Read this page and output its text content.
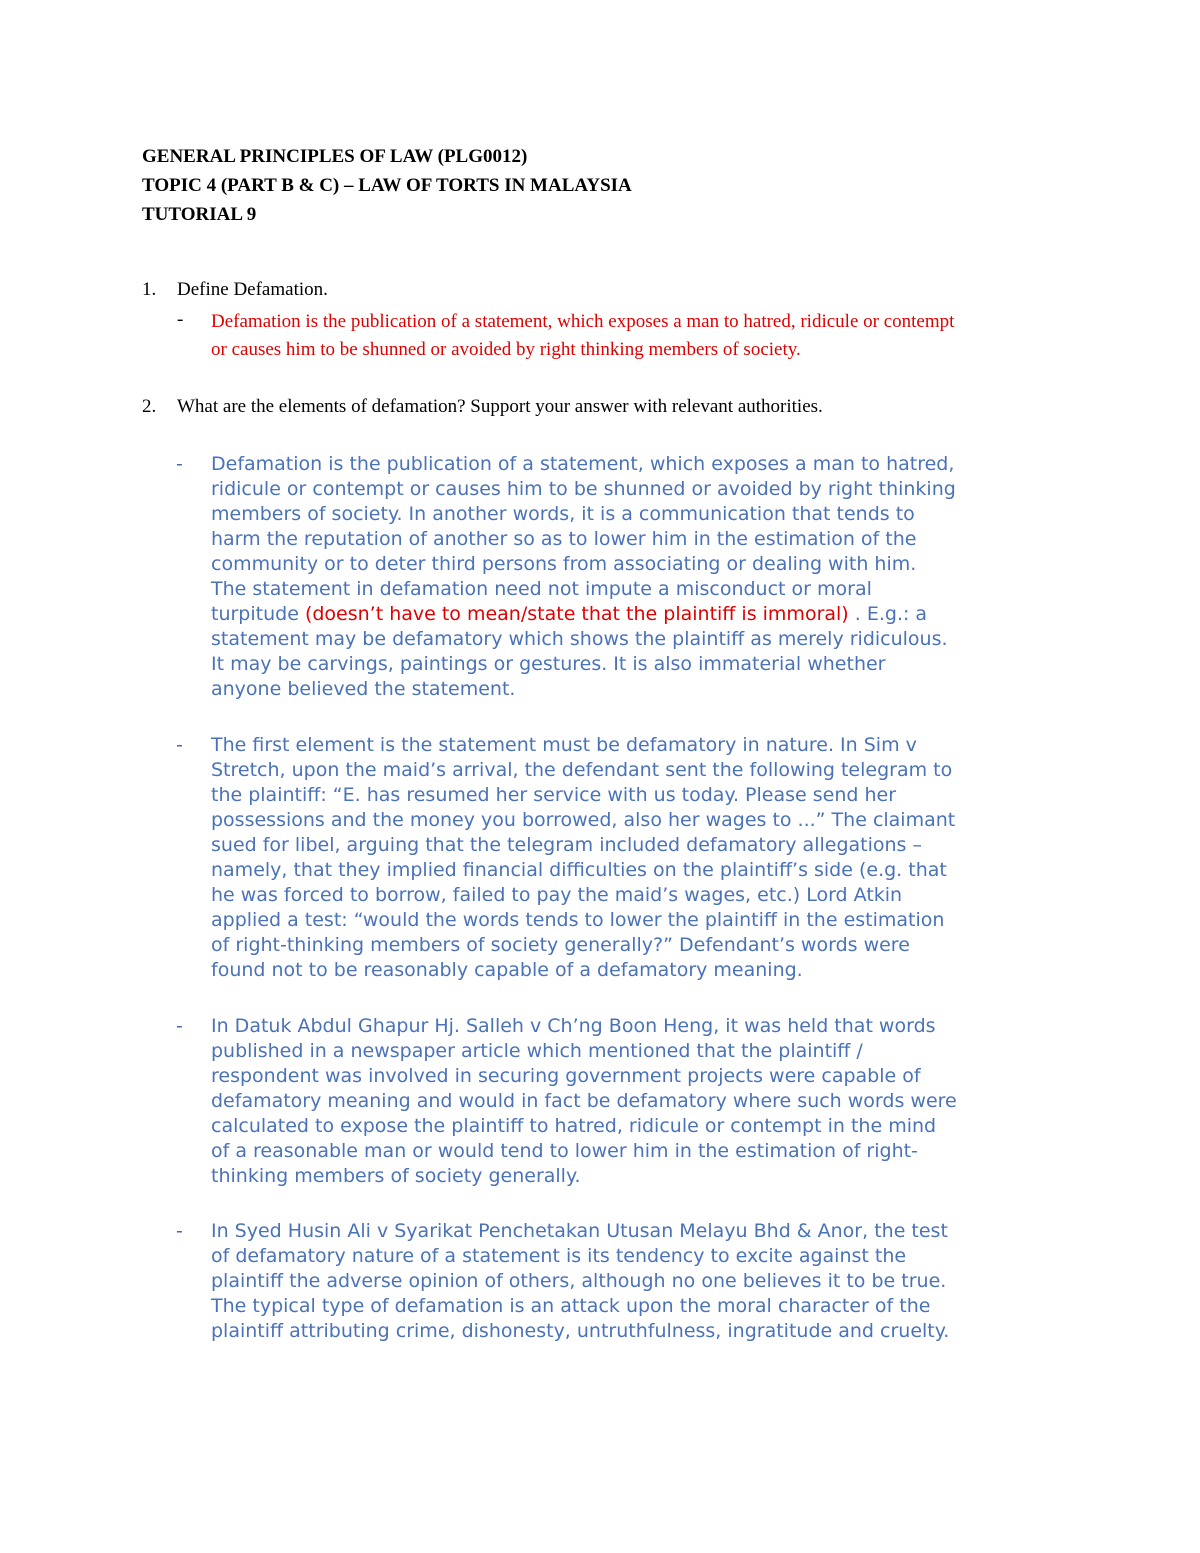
GENERAL PRINCIPLES OF LAW (PLG0012)
TOPIC 4 (PART B & C) – LAW OF TORTS IN MALAYSIA
TUTORIAL 9
1. Define Defamation.
- Defamation is the publication of a statement, which exposes a man to hatred, ridicule or contempt
or causes him to be shunned or avoided by right thinking members of society.
2. What are the elements of defamation? Support your answer with relevant authorities.
- Defamation is the publication of a statement, which exposes a man to hatred,
ridicule or contempt or causes him to be shunned or avoided by right thinking
members of society. In another words, it is a communication that tends to
harm the reputation of another so as to lower him in the estimation of the
community or to deter third persons from associating or dealing with him.
The statement in defamation need not impute a misconduct or moral
turpitude (doesn’t have to mean/state that the plaintiff is immoral) . E.g.: a
statement may be defamatory which shows the plaintiff as merely ridiculous.
It may be carvings, paintings or gestures. It is also immaterial whether
anyone believed the statement.
- The first element is the statement must be defamatory in nature. In Sim v
Stretch, upon the maid’s arrival, the defendant sent the following telegram to
the plaintiff: “E. has resumed her service with us today. Please send her
possessions and the money you borrowed, also her wages to ...” The claimant
sued for libel, arguing that the telegram included defamatory allegations –
namely, that they implied financial difficulties on the plaintiff’s side (e.g. that
he was forced to borrow, failed to pay the maid’s wages, etc.) Lord Atkin
applied a test: “would the words tends to lower the plaintiff in the estimation
of right-thinking members of society generally?” Defendant’s words were
found not to be reasonably capable of a defamatory meaning.
- In Datuk Abdul Ghapur Hj. Salleh v Ch’ng Boon Heng, it was held that words
published in a newspaper article which mentioned that the plaintiff /
respondent was involved in securing government projects were capable of
defamatory meaning and would in fact be defamatory where such words were
calculated to expose the plaintiff to hatred, ridicule or contempt in the mind
of a reasonable man or would tend to lower him in the estimation of right-
thinking members of society generally.
- In Syed Husin Ali v Syarikat Penchetakan Utusan Melayu Bhd & Anor, the test
of defamatory nature of a statement is its tendency to excite against the
plaintiff the adverse opinion of others, although no one believes it to be true.
The typical type of defamation is an attack upon the moral character of the
plaintiff attributing crime, dishonesty, untruthfulness, ingratitude and cruelty.
